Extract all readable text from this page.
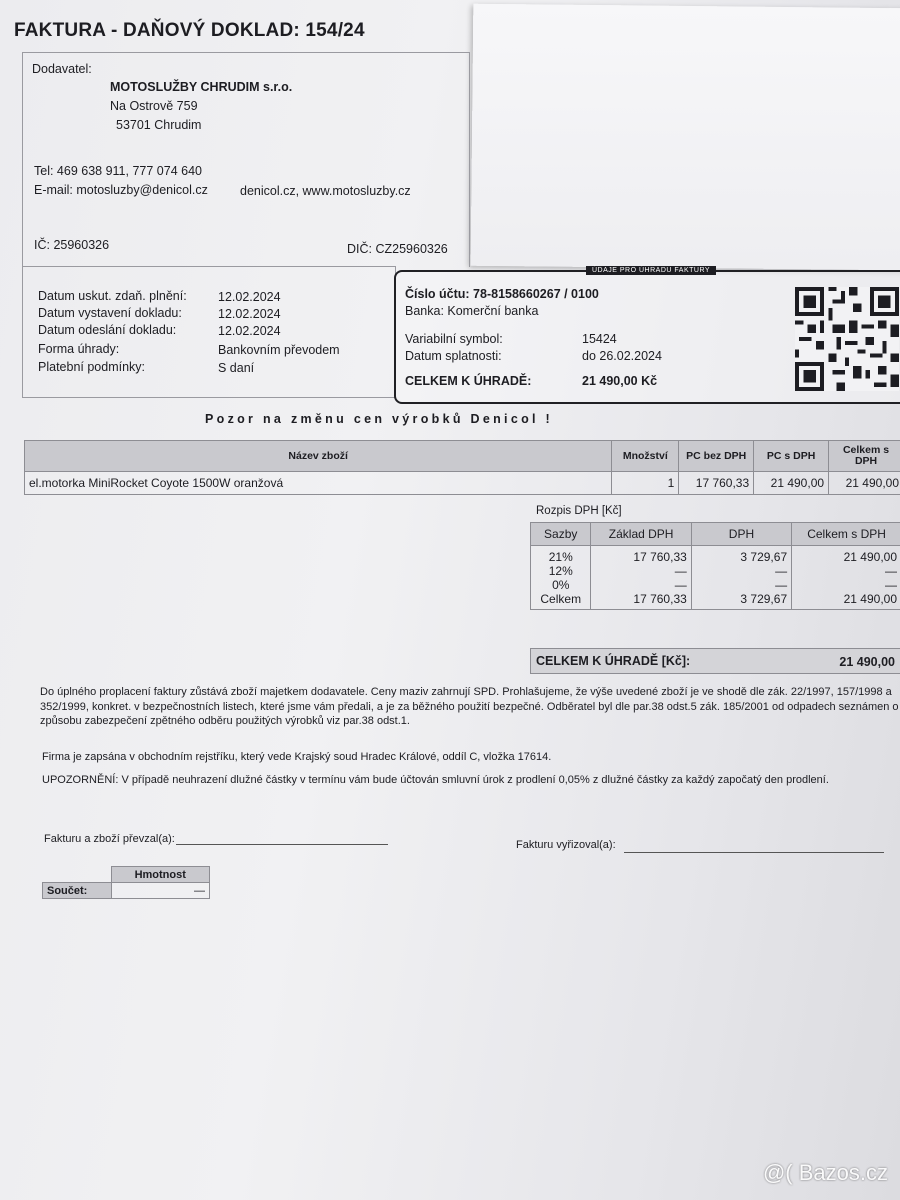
FAKTURA - DAŇOVÝ DOKLAD: 154/24
Dodavatel:
MOTOSLUŽBY CHRUDIM s.r.o.
Na Ostrově 759
53701 Chrudim
Tel: 469 638 911, 777 074 640
E-mail: motosluzby@denicol.cz	denicol.cz, www.motosluzby.cz
IČ: 25960326	DIČ: CZ25960326
Datum uskut. zdaň. plnění:	12.02.2024
Datum vystavení dokladu:	12.02.2024
Datum odeslání dokladu:	12.02.2024
Forma úhrady:	Bankovním převodem
Platební podmínky:	S daní
ÚDAJE PRO ÚHRADU FAKTURY
Číslo účtu: 78-8158660267 / 0100
Banka: Komerční banka
Variabilní symbol:	15424
Datum splatnosti:	do 26.02.2024
CELKEM K ÚHRADĚ:	21 490,00 Kč
Pozor na změnu cen výrobků Denicol !
Název zboží	Množství	PC bez DPH	PC s DPH	Celkem s DPH
el.motorka MiniRocket Coyote 1500W oranžová	1	17 760,33	21 490,00	21 490,00
Rozpis DPH [Kč]
Sazby	Základ DPH	DPH	Celkem s DPH
21%	17 760,33	3 729,67	21 490,00
12%	—	—	—
0%	—	—	—
Celkem	17 760,33	3 729,67	21 490,00
CELKEM K ÚHRADĚ [Kč]:	21 490,00
Do úplného proplacení faktury zůstává zboží majetkem dodavatele. Ceny maziv zahrnují SPD. Prohlašujeme, že výše uvedené zboží je ve shodě dle zák. 22/1997, 157/1998 a
352/1999, konkret. v bezpečnostních listech, které jsme vám předali, a je za běžného použití bezpečné. Odběratel byl dle par.38 odst.5 zák. 185/2001 od odpadech seznámen o
způsobu zabezpečení zpětného odběru použitých výrobků viz par.38 odst.1.
Firma je zapsána v obchodním rejstříku, který vede Krajský soud Hradec Králové, oddíl C, vložka 17614.
UPOZORNĚNÍ: V případě neuhrazení dlužné částky v termínu vám bude účtován smluvní úrok z prodlení 0,05% z dlužné částky za každý započatý den prodlení.
Fakturu a zboží převzal(a):	Fakturu vyřizoval(a):
	Hmotnost
Součet:	—
@( Bazos.cz
